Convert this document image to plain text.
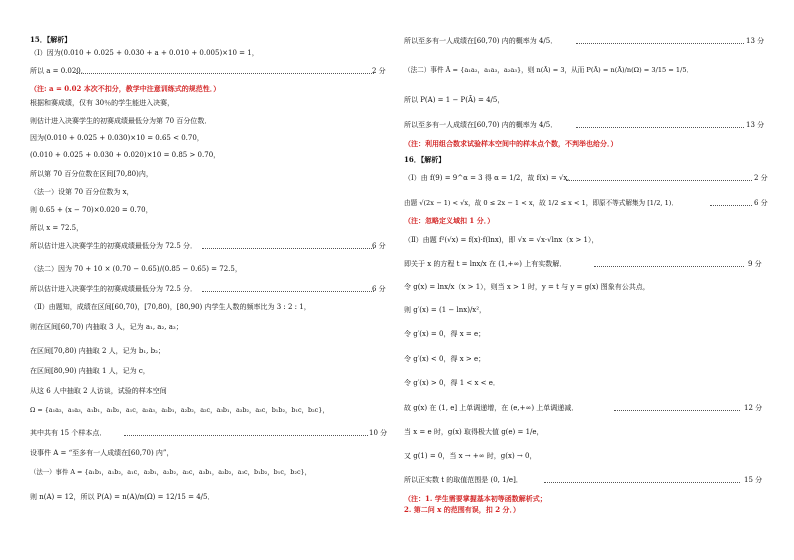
15．【解析】
（Ⅰ）因为(0.010 + 0.025 + 0.030 + a + 0.010 + 0.005)×10 = 1，
所以 a = 0.020．	2 分
（注: a = 0.02 本次不扣分，教学中注意训练式的规范性．）
根据和赛成绩，仅有 30％的学生能进入决赛，
则估计进入决赛学生的初赛成绩最低分为第 70 百分位数．
因为(0.010 + 0.025 + 0.030)×10 = 0.65 < 0.70，
(0.010 + 0.025 + 0.030 + 0.020)×10 = 0.85 > 0.70，
所以第 70 百分位数在区间[70,80)内，
（法一）设第 70 百分位数为 x，
则 0.65 + (x − 70)×0.020 = 0.70，
所以 x = 72.5，
所以估计进入决赛学生的初赛成绩最低分为 72.5 分．	6 分
（法二）因为 70 + 10 × (0.70 − 0.65)/(0.85 − 0.65) = 72.5，
所以估计进入决赛学生的初赛成绩最低分为 72.5 分．	6 分
（Ⅱ）由题知，成绩在区间[60,70)，[70,80)，[80,90) 内学生人数的频率比为 3 : 2 : 1，
则在区间[60,70) 内抽取 3 人，记为 a₁, a₂, a₃；
在区间[70,80) 内抽取 2 人，记为 b₁, b₂；
在区间[80,90) 内抽取 1 人，记为 c，
从这 6 人中抽取 2 人访谈，试验的样本空间
Ω = {a₁a₂，a₁a₃，a₁b₁，a₁b₂，a₁c，a₂a₃，a₂b₁，a₂b₂，a₂c，a₃b₁，a₃b₂，a₃c，b₁b₂，b₁c，b₂c}，
其中共有 15 个样本点．	10 分
设事件 A = “至多有一人成绩在[60,70) 内”，
（法一）事件 A = {a₁b₁，a₁b₂，a₁c，a₂b₁，a₂b₂，a₂c，a₃b₁，a₃b₂，a₃c，b₁b₂，b₁c，b₂c}，
则 n(A) = 12，所以 P(A) = n(A)/n(Ω) = 12/15 = 4/5．
所以至多有一人成绩在[60,70) 内的概率为 4/5．	13 分
（法二）事件 Ā = {a₁a₂，a₁a₃，a₂a₃}，则 n(Ā) = 3，从而 P(Ā) = n(Ā)/n(Ω) = 3/15 = 1/5．
所以 P(A) = 1 − P(Ā) = 4/5，
所以至多有一人成绩在[60,70) 内的概率为 4/5．	13 分
（注：利用组合数求试验样本空间中的样本点个数，不判举也给分．）
16．【解析】
（Ⅰ）由 f(9) = 9^α = 3 得 α = 1/2，故 f(x) = √x．	2 分
由题 √(2x − 1) < √x，故 0 ≤ 2x − 1 < x，故 1/2 ≤ x < 1，即原不等式解集为 [1/2, 1)．	6 分
（注：忽略定义域扣 1 分．）
（Ⅱ）由题 f²(√x) = f(x)·f(lnx)，即 √x = √x·√lnx（x > 1），
即关于 x 的方程 t = lnx/x 在 (1,+∞) 上有实数解．	9 分
令 g(x) = lnx/x（x > 1），则当 x > 1 时，y = t 与 y = g(x) 图象有公共点，
则 g′(x) = (1 − lnx)/x²，
令 g′(x) = 0，得 x = e；
令 g′(x) < 0，得 x > e；
令 g′(x) > 0，得 1 < x < e．
故 g(x) 在 (1, e] 上单调递增，在 (e,+∞) 上单调递减．	12 分
当 x = e 时，g(x) 取得极大值 g(e) = 1/e，
又 g(1) = 0，当 x → +∞ 时，g(x) → 0，
所以正实数 t 的取值范围是 (0, 1/e]．	15 分
（注：1. 学生需要掌握基本初等函数解析式；
2. 第二问 x 的范围有误，扣 2 分．）
